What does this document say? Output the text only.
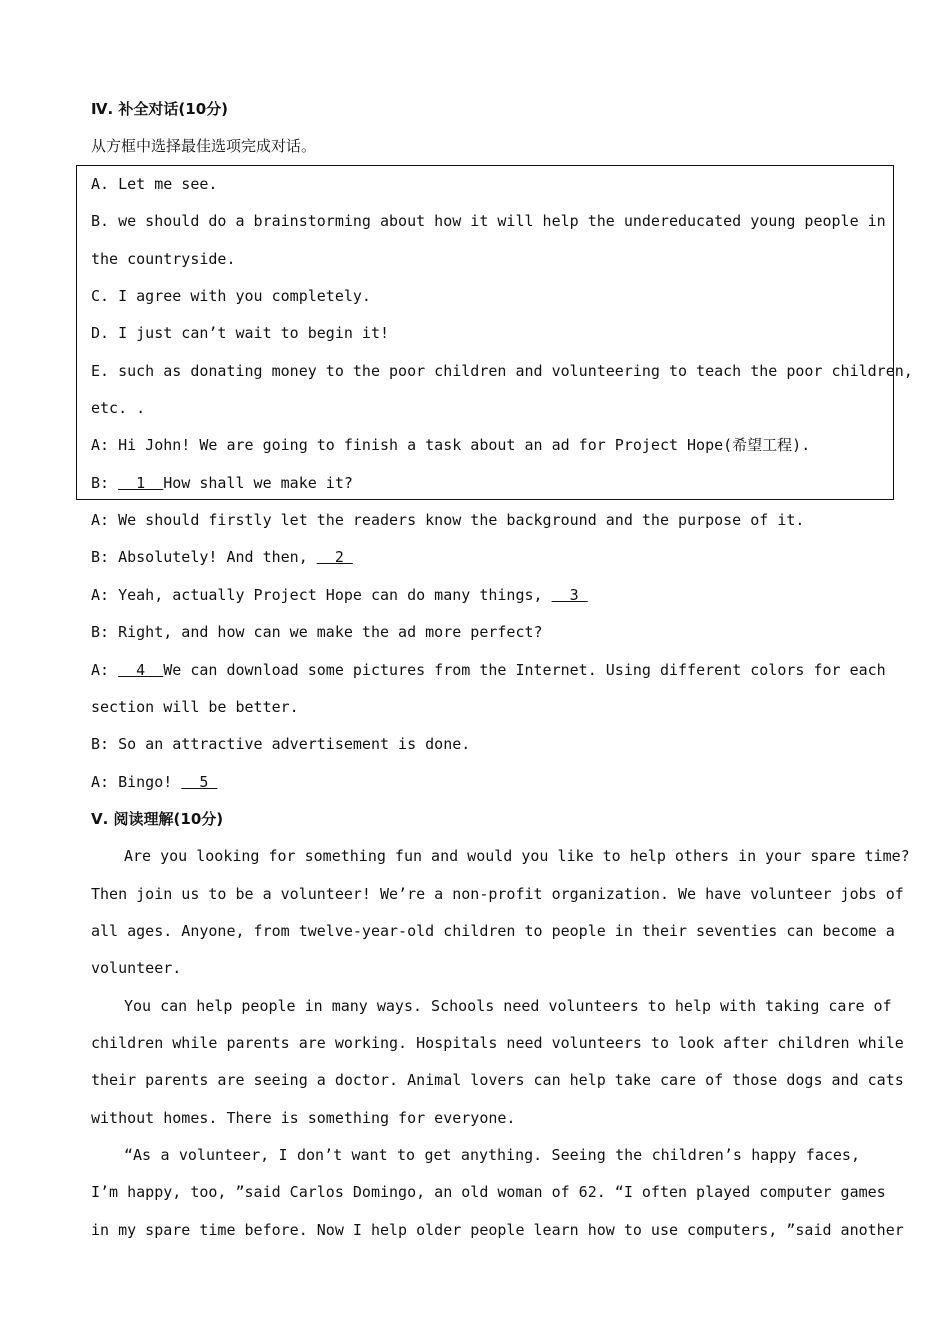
Ⅳ. 补全对话(10分)
从方框中选择最佳选项完成对话。
A. Let me see.
B. we should do a brainstorming about how it will help the undereducated young people in
the countryside.
C. I agree with you completely.
D. I just can’t wait to begin it!
E. such as donating money to the poor children and volunteering to teach the poor children,
etc. .
A: Hi John! We are going to finish a task about an ad for Project Hope(希望工程).
B:   1  How shall we make it?
A: We should firstly let the readers know the background and the purpose of it.
B: Absolutely! And then,   2
A: Yeah, actually Project Hope can do many things,   3
B: Right, and how can we make the ad more perfect?
A:   4  We can download some pictures from the Internet. Using different colors for each
section will be better.
B: So an attractive advertisement is done.
A: Bingo!   5
Ⅴ. 阅读理解(10分)
Are you looking for something fun and would you like to help others in your spare time?
Then join us to be a volunteer! We’re a non-profit organization. We have volunteer jobs of
all ages. Anyone, from twelve-year-old children to people in their seventies can become a
volunteer.
You can help people in many ways. Schools need volunteers to help with taking care of
children while parents are working. Hospitals need volunteers to look after children while
their parents are seeing a doctor. Animal lovers can help take care of those dogs and cats
without homes. There is something for everyone.
“As a volunteer, I don’t want to get anything. Seeing the children’s happy faces,
I’m happy, too, ”said Carlos Domingo, an old woman of 62. “I often played computer games
in my spare time before. Now I help older people learn how to use computers, ”said another
